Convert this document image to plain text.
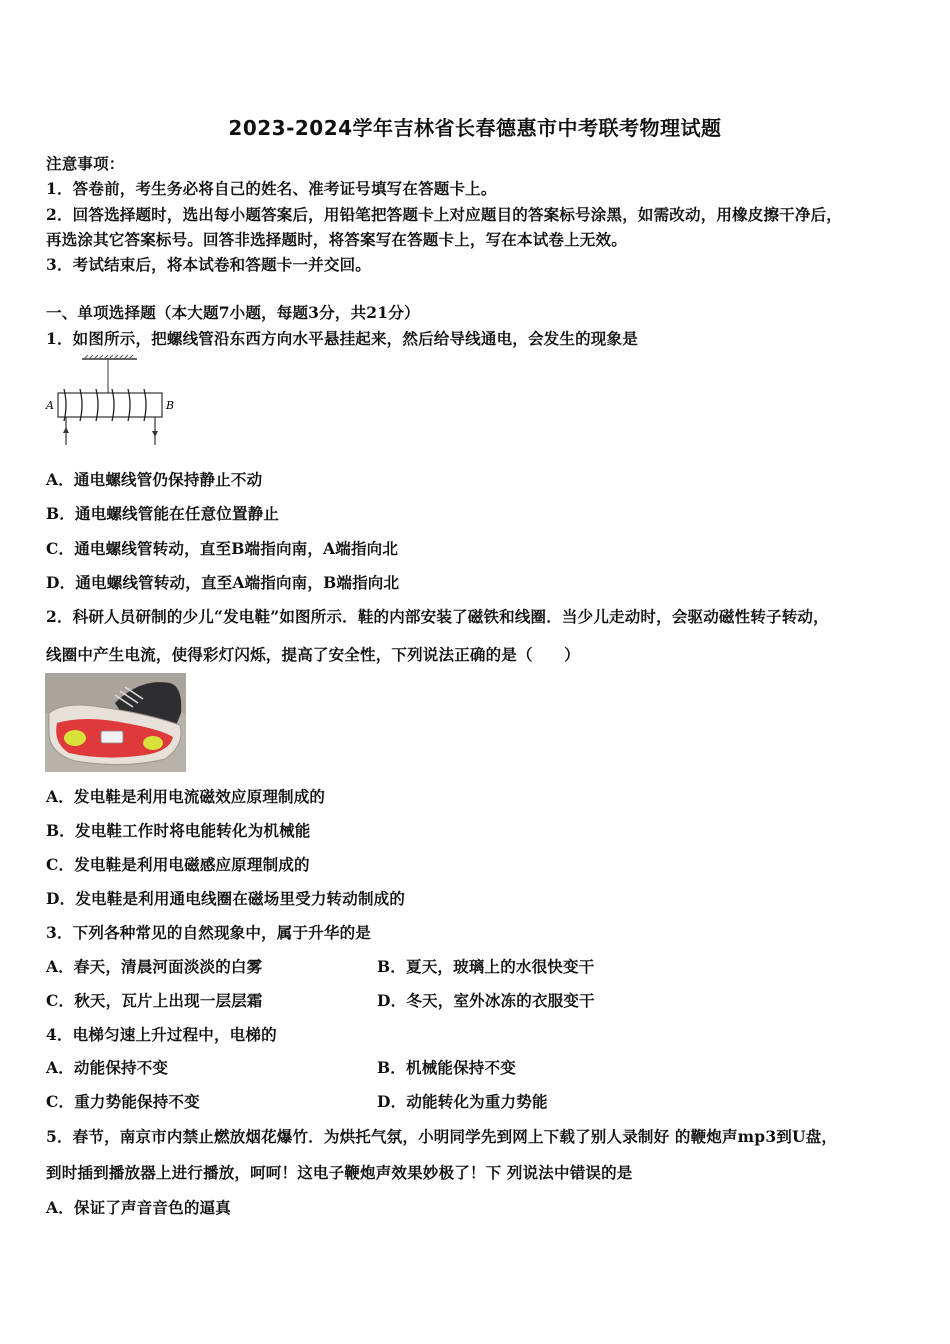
2023-2024学年吉林省长春德惠市中考联考物理试题
注意事项：
1．答卷前，考生务必将自己的姓名、准考证号填写在答题卡上。
2．回答选择题时，选出每小题答案后，用铅笔把答题卡上对应题目的答案标号涂黑，如需改动，用橡皮擦干净后，
再选涂其它答案标号。回答非选择题时，将答案写在答题卡上，写在本试卷上无效。
3．考试结束后，将本试卷和答题卡一并交回。
一、单项选择题（本大题7小题，每题3分，共21分）
1．如图所示，把螺线管沿东西方向水平悬挂起来，然后给导线通电，会发生的现象是
A	B
A．通电螺线管仍保持静止不动
B．通电螺线管能在任意位置静止
C．通电螺线管转动，直至B端指向南，A端指向北
D．通电螺线管转动，直至A端指向南，B端指向北
2．科研人员研制的少儿“发电鞋”如图所示．鞋的内部安装了磁铁和线圈．当少儿走动时，会驱动磁性转子转动，
线圈中产生电流，使得彩灯闪烁，提高了安全性，下列说法正确的是（　　）
A．发电鞋是利用电流磁效应原理制成的
B．发电鞋工作时将电能转化为机械能
C．发电鞋是利用电磁感应原理制成的
D．发电鞋是利用通电线圈在磁场里受力转动制成的
3．下列各种常见的自然现象中，属于升华的是
A．春天，清晨河面淡淡的白雾	B．夏天，玻璃上的水很快变干
C．秋天，瓦片上出现一层层霜	D．冬天，室外冰冻的衣服变干
4．电梯匀速上升过程中，电梯的
A．动能保持不变	B．机械能保持不变
C．重力势能保持不变	D．动能转化为重力势能
5．春节，南京市内禁止燃放烟花爆竹．为烘托气氛，小明同学先到网上下载了别人录制好 的鞭炮声mp3到U盘，
到时插到播放器上进行播放，呵呵！这电子鞭炮声效果妙极了！下 列说法中错误的是
A．保证了声音音色的逼真
